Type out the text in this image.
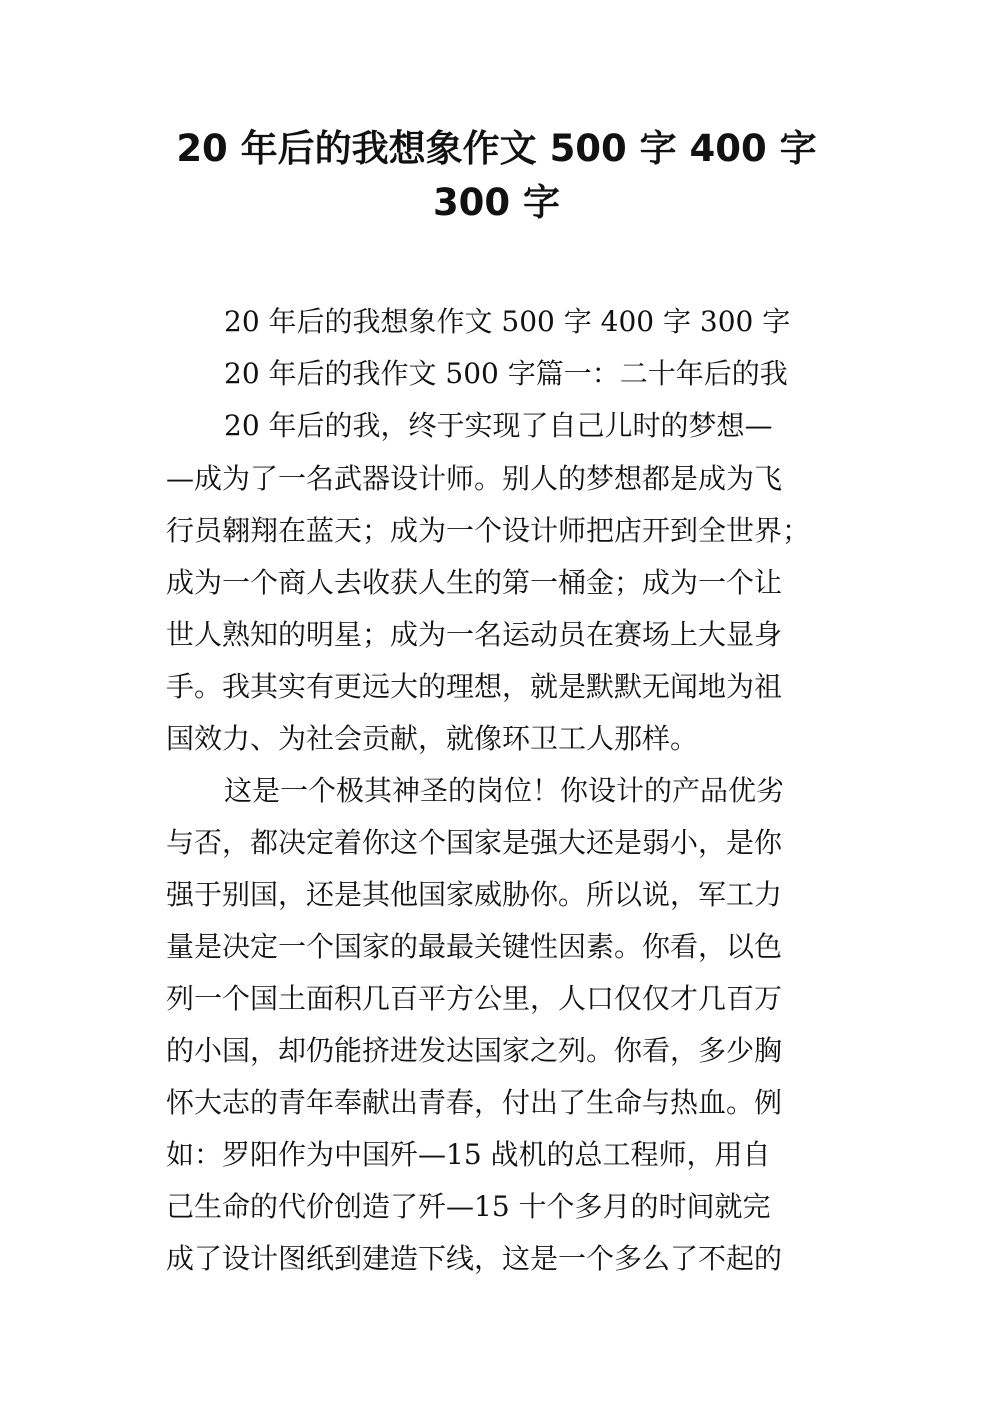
20 年后的我想象作文 500 字 400 字
300 字

20 年后的我想象作文 500 字 400 字 300 字

20 年后的我作文 500 字篇一：二十年后的我

20 年后的我，终于实现了自己儿时的梦想—

—成为了一名武器设计师。别人的梦想都是成为飞

行员翱翔在蓝天；成为一个设计师把店开到全世界；

成为一个商人去收获人生的第一桶金；成为一个让

世人熟知的明星；成为一名运动员在赛场上大显身

手。我其实有更远大的理想，就是默默无闻地为祖

国效力、为社会贡献，就像环卫工人那样。

这是一个极其神圣的岗位！你设计的产品优劣

与否，都决定着你这个国家是强大还是弱小，是你

强于别国，还是其他国家威胁你。所以说，军工力

量是决定一个国家的最最关键性因素。你看，以色

列一个国土面积几百平方公里，人口仅仅才几百万

的小国，却仍能挤进发达国家之列。你看，多少胸

怀大志的青年奉献出青春，付出了生命与热血。例

如：罗阳作为中国歼—15 战机的总工程师，用自

己生命的代价创造了歼—15 十个多月的时间就完

成了设计图纸到建造下线，这是一个多么了不起的
